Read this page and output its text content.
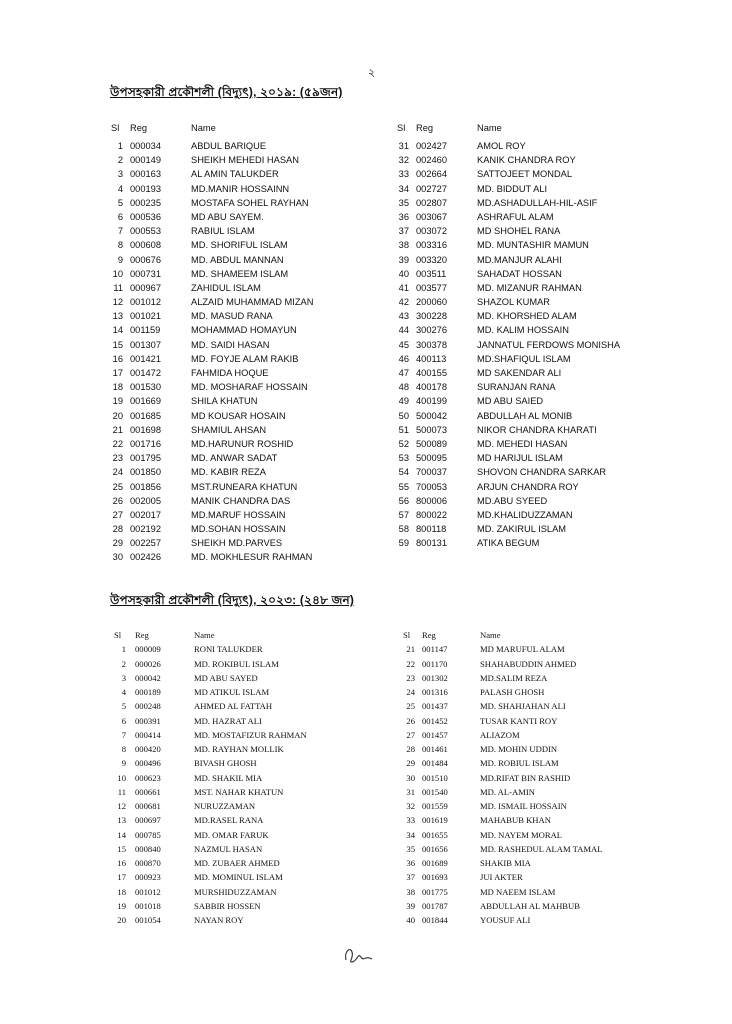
২
উপসহকারী প্রকৌশলী (বিদ্যুৎ), ২০১৯: (৫৯জন)
উপসহকারী প্রকৌশলী (বিদ্যুৎ), ২০২৩: (২৪৮ জন)
Sl Reg	Name
1 000034	ABDUL BARIQUE
2 000149	SHEIKH MEHEDI HASAN
3 000163	AL AMIN TALUKDER
4 000193	MD.MANIR HOSSAINN
5 000235	MOSTAFA SOHEL RAYHAN
6 000536	MD ABU SAYEM.
7 000553	RABIUL ISLAM
8 000608	MD. SHORIFUL ISLAM
9 000676	MD. ABDUL MANNAN
10 000731	MD. SHAMEEM ISLAM
11 000967	ZAHIDUL ISLAM
12 001012	ALZAID MUHAMMAD MIZAN
13 001021	MD. MASUD RANA
14 001159	MOHAMMAD HOMAYUN
15 001307	MD. SAIDI HASAN
16 001421	MD. FOYJE ALAM RAKIB
17 001472	FAHMIDA HOQUE
18 001530	MD. MOSHARAF HOSSAIN
19 001669	SHILA KHATUN
20 001685	MD KOUSAR HOSAIN
21 001698	SHAMIUL AHSAN
22 001716	MD.HARUNUR ROSHID
23 001795	MD. ANWAR SADAT
24 001850	MD. KABIR REZA
25 001856	MST.RUNEARA KHATUN
26 002005	MANIK CHANDRA DAS
27 002017	MD.MARUF HOSSAIN
28 002192	MD.SOHAN HOSSAIN
29 002257	SHEIKH MD.PARVES
30 002426	MD. MOKHLESUR RAHMAN
Sl Reg	Name
31 002427	AMOL ROY
32 002460	KANIK CHANDRA ROY
33 002664	SATTOJEET MONDAL
34 002727	MD. BIDDUT ALI
35 002807	MD.ASHADULLAH-HIL-ASIF
36 003067	ASHRAFUL ALAM
37 003072	MD SHOHEL RANA
38 003316	MD. MUNTASHIR MAMUN
39 003320	MD.MANJUR ALAHI
40 003511	SAHADAT HOSSAN
41 003577	MD. MIZANUR RAHMAN
42 200060	SHAZOL KUMAR
43 300228	MD. KHORSHED ALAM
44 300276	MD. KALIM HOSSAIN
45 300378	JANNATUL FERDOWS MONISHA
46 400113	MD.SHAFIQUL ISLAM
47 400155	MD SAKENDAR ALI
48 400178	SURANJAN RANA
49 400199	MD ABU SAIED
50 500042	ABDULLAH AL MONIB
51 500073	NIKOR CHANDRA KHARATI
52 500089	MD. MEHEDI HASAN
53 500095	MD HARIJUL ISLAM
54 700037	SHOVON CHANDRA SARKAR
55 700053	ARJUN CHANDRA ROY
56 800006	MD.ABU SYEED
57 800022	MD.KHALIDUZZAMAN
58 800118	MD. ZAKIRUL ISLAM
59 800131	ATIKA BEGUM
Sl Reg	Name
1 000009	RONI TALUKDER
2 000026	MD. ROKIBUL ISLAM
3 000042	MD ABU SAYED
4 000189	MD ATIKUL ISLAM
5 000248	AHMED AL FATTAH
6 000391	MD. HAZRAT ALI
7 000414	MD. MOSTAFIZUR RAHMAN
8 000420	MD. RAYHAN MOLLIK
9 000496	BIVASH GHOSH
10 000623	MD. SHAKIL MIA
11 000661	MST. NAHAR KHATUN
12 000681	NURUZZAMAN
13 000697	MD.RASEL RANA
14 000785	MD. OMAR FARUK
15 000840	NAZMUL HASAN
16 000870	MD. ZUBAER AHMED
17 000923	MD. MOMINUL ISLAM
18 001012	MURSHIDUZZAMAN
19 001018	SABBIR HOSSEN
20 001054	NAYAN ROY
Sl Reg	Name
21 001147	MD MARUFUL ALAM
22 001170	SHAHABUDDIN AHMED
23 001302	MD.SALIM REZA
24 001316	PALASH GHOSH
25 001437	MD. SHAHJAHAN ALI
26 001452	TUSAR KANTI ROY
27 001457	ALIAZOM
28 001461	MD. MOHIN UDDIN
29 001484	MD. ROBIUL ISLAM
30 001510	MD.RIFAT BIN RASHID
31 001540	MD. AL-AMIN
32 001559	MD. ISMAIL HOSSAIN
33 001619	MAHABUB KHAN
34 001655	MD. NAYEM MORAL
35 001656	MD. RASHEDUL ALAM TAMAL
36 001689	SHAKIB MIA
37 001693	JUI AKTER
38 001775	MD NAEEM ISLAM
39 001787	ABDULLAH AL MAHBUB
40 001844	YOUSUF ALI
